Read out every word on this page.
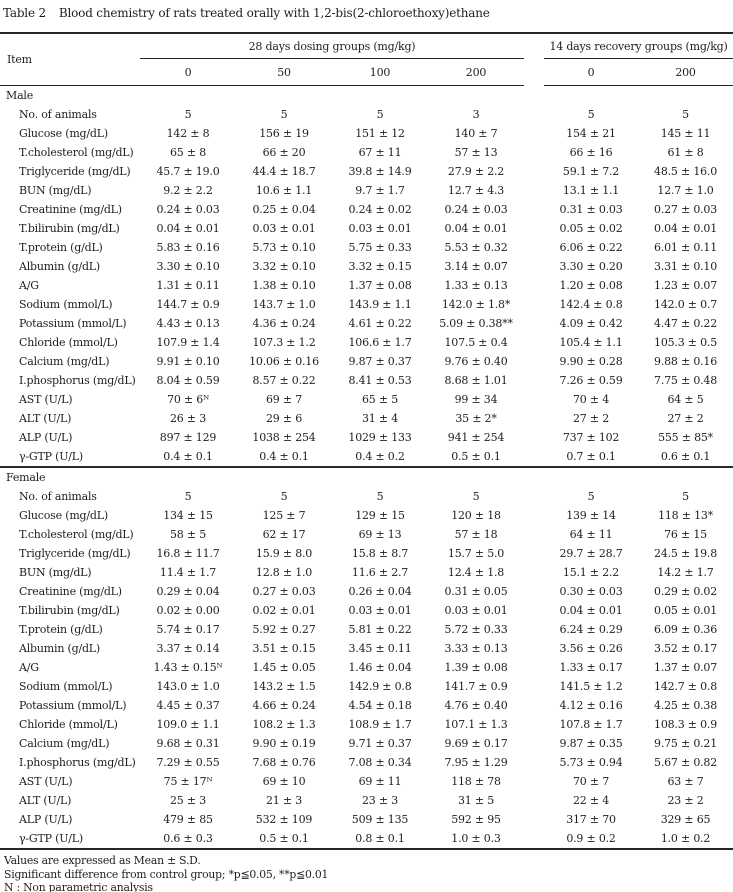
Table 2 Blood chemistry of rats treated orally with 1,2-bis(2-chloroethoxy)ethane
Item	28 days dosing groups (mg/kg)					14 days recovery groups (mg/kg)	
	0	50	100	200		0	200
Male							
No. of animals	5	5	5	3		5	5
Glucose (mg/dL)	142 ± 8	156 ± 19	151 ± 12	140 ± 7		154 ± 21	145 ± 11
T.cholesterol (mg/dL)	65 ± 8	66 ± 20	67 ± 11	57 ± 13		66 ± 16	61 ± 8
Triglyceride (mg/dL)	45.7 ± 19.0	44.4 ± 18.7	39.8 ± 14.9	27.9 ± 2.2		59.1 ± 7.2	48.5 ± 16.0
BUN (mg/dL)	9.2 ± 2.2	10.6 ± 1.1	9.7 ± 1.7	12.7 ± 4.3		13.1 ± 1.1	12.7 ± 1.0
Creatinine (mg/dL)	0.24 ± 0.03	0.25 ± 0.04	0.24 ± 0.02	0.24 ± 0.03		0.31 ± 0.03	0.27 ± 0.03
T.bilirubin (mg/dL)	0.04 ± 0.01	0.03 ± 0.01	0.03 ± 0.01	0.04 ± 0.01		0.05 ± 0.02	0.04 ± 0.01
T.protein (g/dL)	5.83 ± 0.16	5.73 ± 0.10	5.75 ± 0.33	5.53 ± 0.32		6.06 ± 0.22	6.01 ± 0.11
Albumin (g/dL)	3.30 ± 0.10	3.32 ± 0.10	3.32 ± 0.15	3.14 ± 0.07		3.30 ± 0.20	3.31 ± 0.10
A/G	1.31 ± 0.11	1.38 ± 0.10	1.37 ± 0.08	1.33 ± 0.13		1.20 ± 0.08	1.23 ± 0.07
Sodium (mmol/L)	144.7 ± 0.9	143.7 ± 1.0	143.9 ± 1.1	142.0 ± 1.8*		142.4 ± 0.8	142.0 ± 0.7
Potassium (mmol/L)	4.43 ± 0.13	4.36 ± 0.24	4.61 ± 0.22	5.09 ± 0.38**		4.09 ± 0.42	4.47 ± 0.22
Chloride (mmol/L)	107.9 ± 1.4	107.3 ± 1.2	106.6 ± 1.7	107.5 ± 0.4		105.4 ± 1.1	105.3 ± 0.5
Calcium (mg/dL)	9.91 ± 0.10	10.06 ± 0.16	9.87 ± 0.37	9.76 ± 0.40		9.90 ± 0.28	9.88 ± 0.16
I.phosphorus (mg/dL)	8.04 ± 0.59	8.57 ± 0.22	8.41 ± 0.53	8.68 ± 1.01		7.26 ± 0.59	7.75 ± 0.48
AST (U/L)	70 ± 6ᴺ	69 ± 7	65 ± 5	99 ± 34		70 ± 4	64 ± 5
ALT (U/L)	26 ± 3	29 ± 6	31 ± 4	35 ± 2*		27 ± 2	27 ± 2
ALP (U/L)	897 ± 129	1038 ± 254	1029 ± 133	941 ± 254		737 ± 102	555 ± 85*
γ-GTP (U/L)	0.4 ± 0.1	0.4 ± 0.1	0.4 ± 0.2	0.5 ± 0.1		0.7 ± 0.1	0.6 ± 0.1
Female							
No. of animals	5	5	5	5		5	5
Glucose (mg/dL)	134 ± 15	125 ± 7	129 ± 15	120 ± 18		139 ± 14	118 ± 13*
T.cholesterol (mg/dL)	58 ± 5	62 ± 17	69 ± 13	57 ± 18		64 ± 11	76 ± 15
Triglyceride (mg/dL)	16.8 ± 11.7	15.9 ± 8.0	15.8 ± 8.7	15.7 ± 5.0		29.7 ± 28.7	24.5 ± 19.8
BUN (mg/dL)	11.4 ± 1.7	12.8 ± 1.0	11.6 ± 2.7	12.4 ± 1.8		15.1 ± 2.2	14.2 ± 1.7
Creatinine (mg/dL)	0.29 ± 0.04	0.27 ± 0.03	0.26 ± 0.04	0.31 ± 0.05		0.30 ± 0.03	0.29 ± 0.02
T.bilirubin (mg/dL)	0.02 ± 0.00	0.02 ± 0.01	0.03 ± 0.01	0.03 ± 0.01		0.04 ± 0.01	0.05 ± 0.01
T.protein (g/dL)	5.74 ± 0.17	5.92 ± 0.27	5.81 ± 0.22	5.72 ± 0.33		6.24 ± 0.29	6.09 ± 0.36
Albumin (g/dL)	3.37 ± 0.14	3.51 ± 0.15	3.45 ± 0.11	3.33 ± 0.13		3.56 ± 0.26	3.52 ± 0.17
A/G	1.43 ± 0.15ᴺ	1.45 ± 0.05	1.46 ± 0.04	1.39 ± 0.08		1.33 ± 0.17	1.37 ± 0.07
Sodium (mmol/L)	143.0 ± 1.0	143.2 ± 1.5	142.9 ± 0.8	141.7 ± 0.9		141.5 ± 1.2	142.7 ± 0.8
Potassium (mmol/L)	4.45 ± 0.37	4.66 ± 0.24	4.54 ± 0.18	4.76 ± 0.40		4.12 ± 0.16	4.25 ± 0.38
Chloride (mmol/L)	109.0 ± 1.1	108.2 ± 1.3	108.9 ± 1.7	107.1 ± 1.3		107.8 ± 1.7	108.3 ± 0.9
Calcium (mg/dL)	9.68 ± 0.31	9.90 ± 0.19	9.71 ± 0.37	9.69 ± 0.17		9.87 ± 0.35	9.75 ± 0.21
I.phosphorus (mg/dL)	7.29 ± 0.55	7.68 ± 0.76	7.08 ± 0.34	7.95 ± 1.29		5.73 ± 0.94	5.67 ± 0.82
AST (U/L)	75 ± 17ᴺ	69 ± 10	69 ± 11	118 ± 78		70 ± 7	63 ± 7
ALT (U/L)	25 ± 3	21 ± 3	23 ± 3	31 ± 5		22 ± 4	23 ± 2
ALP (U/L)	479 ± 85	532 ± 109	509 ± 135	592 ± 95		317 ± 70	329 ± 65
γ-GTP (U/L)	0.6 ± 0.3	0.5 ± 0.1	0.8 ± 0.1	1.0 ± 0.3		0.9 ± 0.2	1.0 ± 0.2
Values are expressed as Mean ± S.D.
Significant difference from control group; *p≦0.05, **p≦0.01
N : Non parametric analysis
